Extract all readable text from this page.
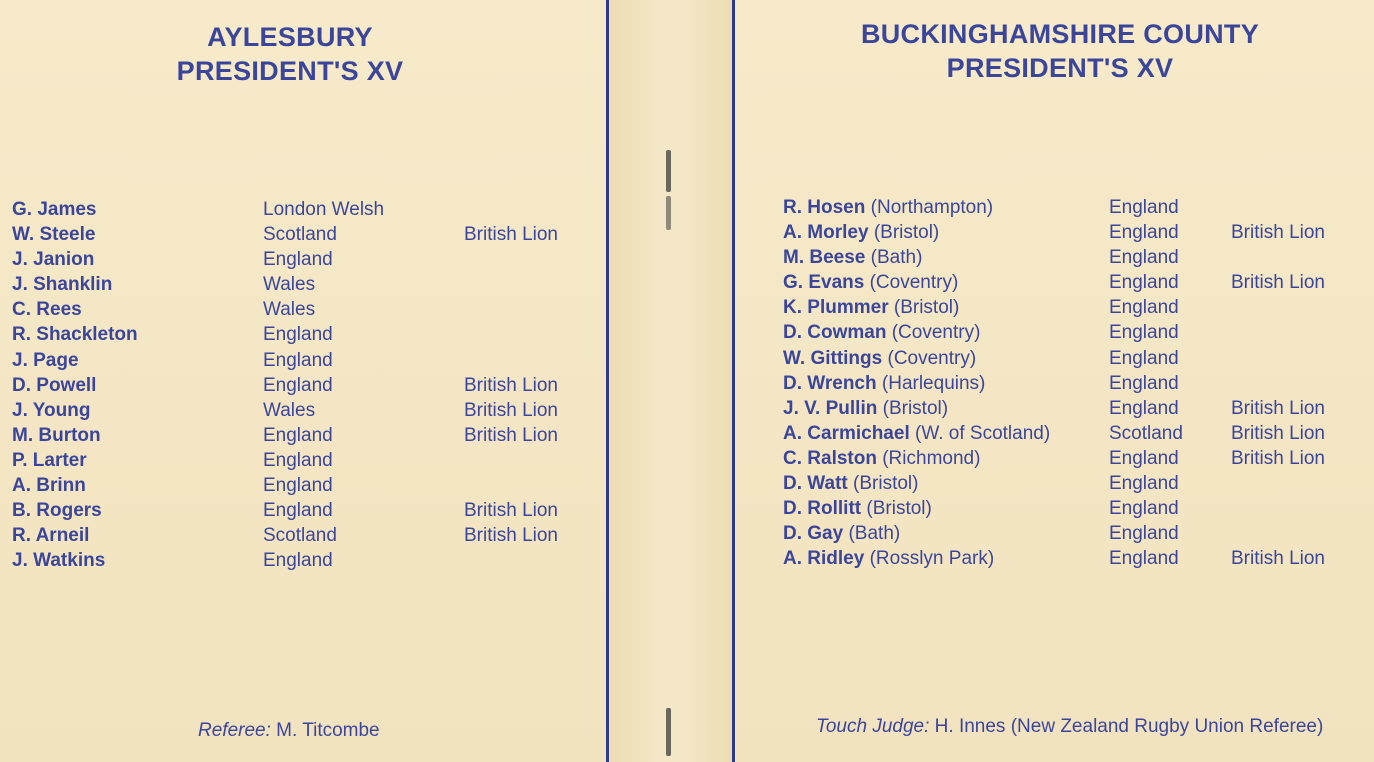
AYLESBURY
PRESIDENT'S XV
G. James	London Welsh
W. Steele	Scotland	British Lion
J. Janion	England
J. Shanklin	Wales
C. Rees	Wales
R. Shackleton	England
J. Page	England
D. Powell	England	British Lion
J. Young	Wales	British Lion
M. Burton	England	British Lion
P. Larter	England
A. Brinn	England
B. Rogers	England	British Lion
R. Arneil	Scotland	British Lion
J. Watkins	England
Referee: M. Titcombe
BUCKINGHAMSHIRE COUNTY
PRESIDENT'S XV
R. Hosen (Northampton)	England
A. Morley (Bristol)	England	British Lion
M. Beese (Bath)	England
G. Evans (Coventry)	England	British Lion
K. Plummer (Bristol)	England
D. Cowman (Coventry)	England
W. Gittings (Coventry)	England
D. Wrench (Harlequins)	England
J. V. Pullin (Bristol)	England	British Lion
A. Carmichael (W. of Scotland)	Scotland	British Lion
C. Ralston (Richmond)	England	British Lion
D. Watt (Bristol)	England
D. Rollitt (Bristol)	England
D. Gay (Bath)	England
A. Ridley (Rosslyn Park)	England	British Lion
Touch Judge: H. Innes (New Zealand Rugby Union Referee)
